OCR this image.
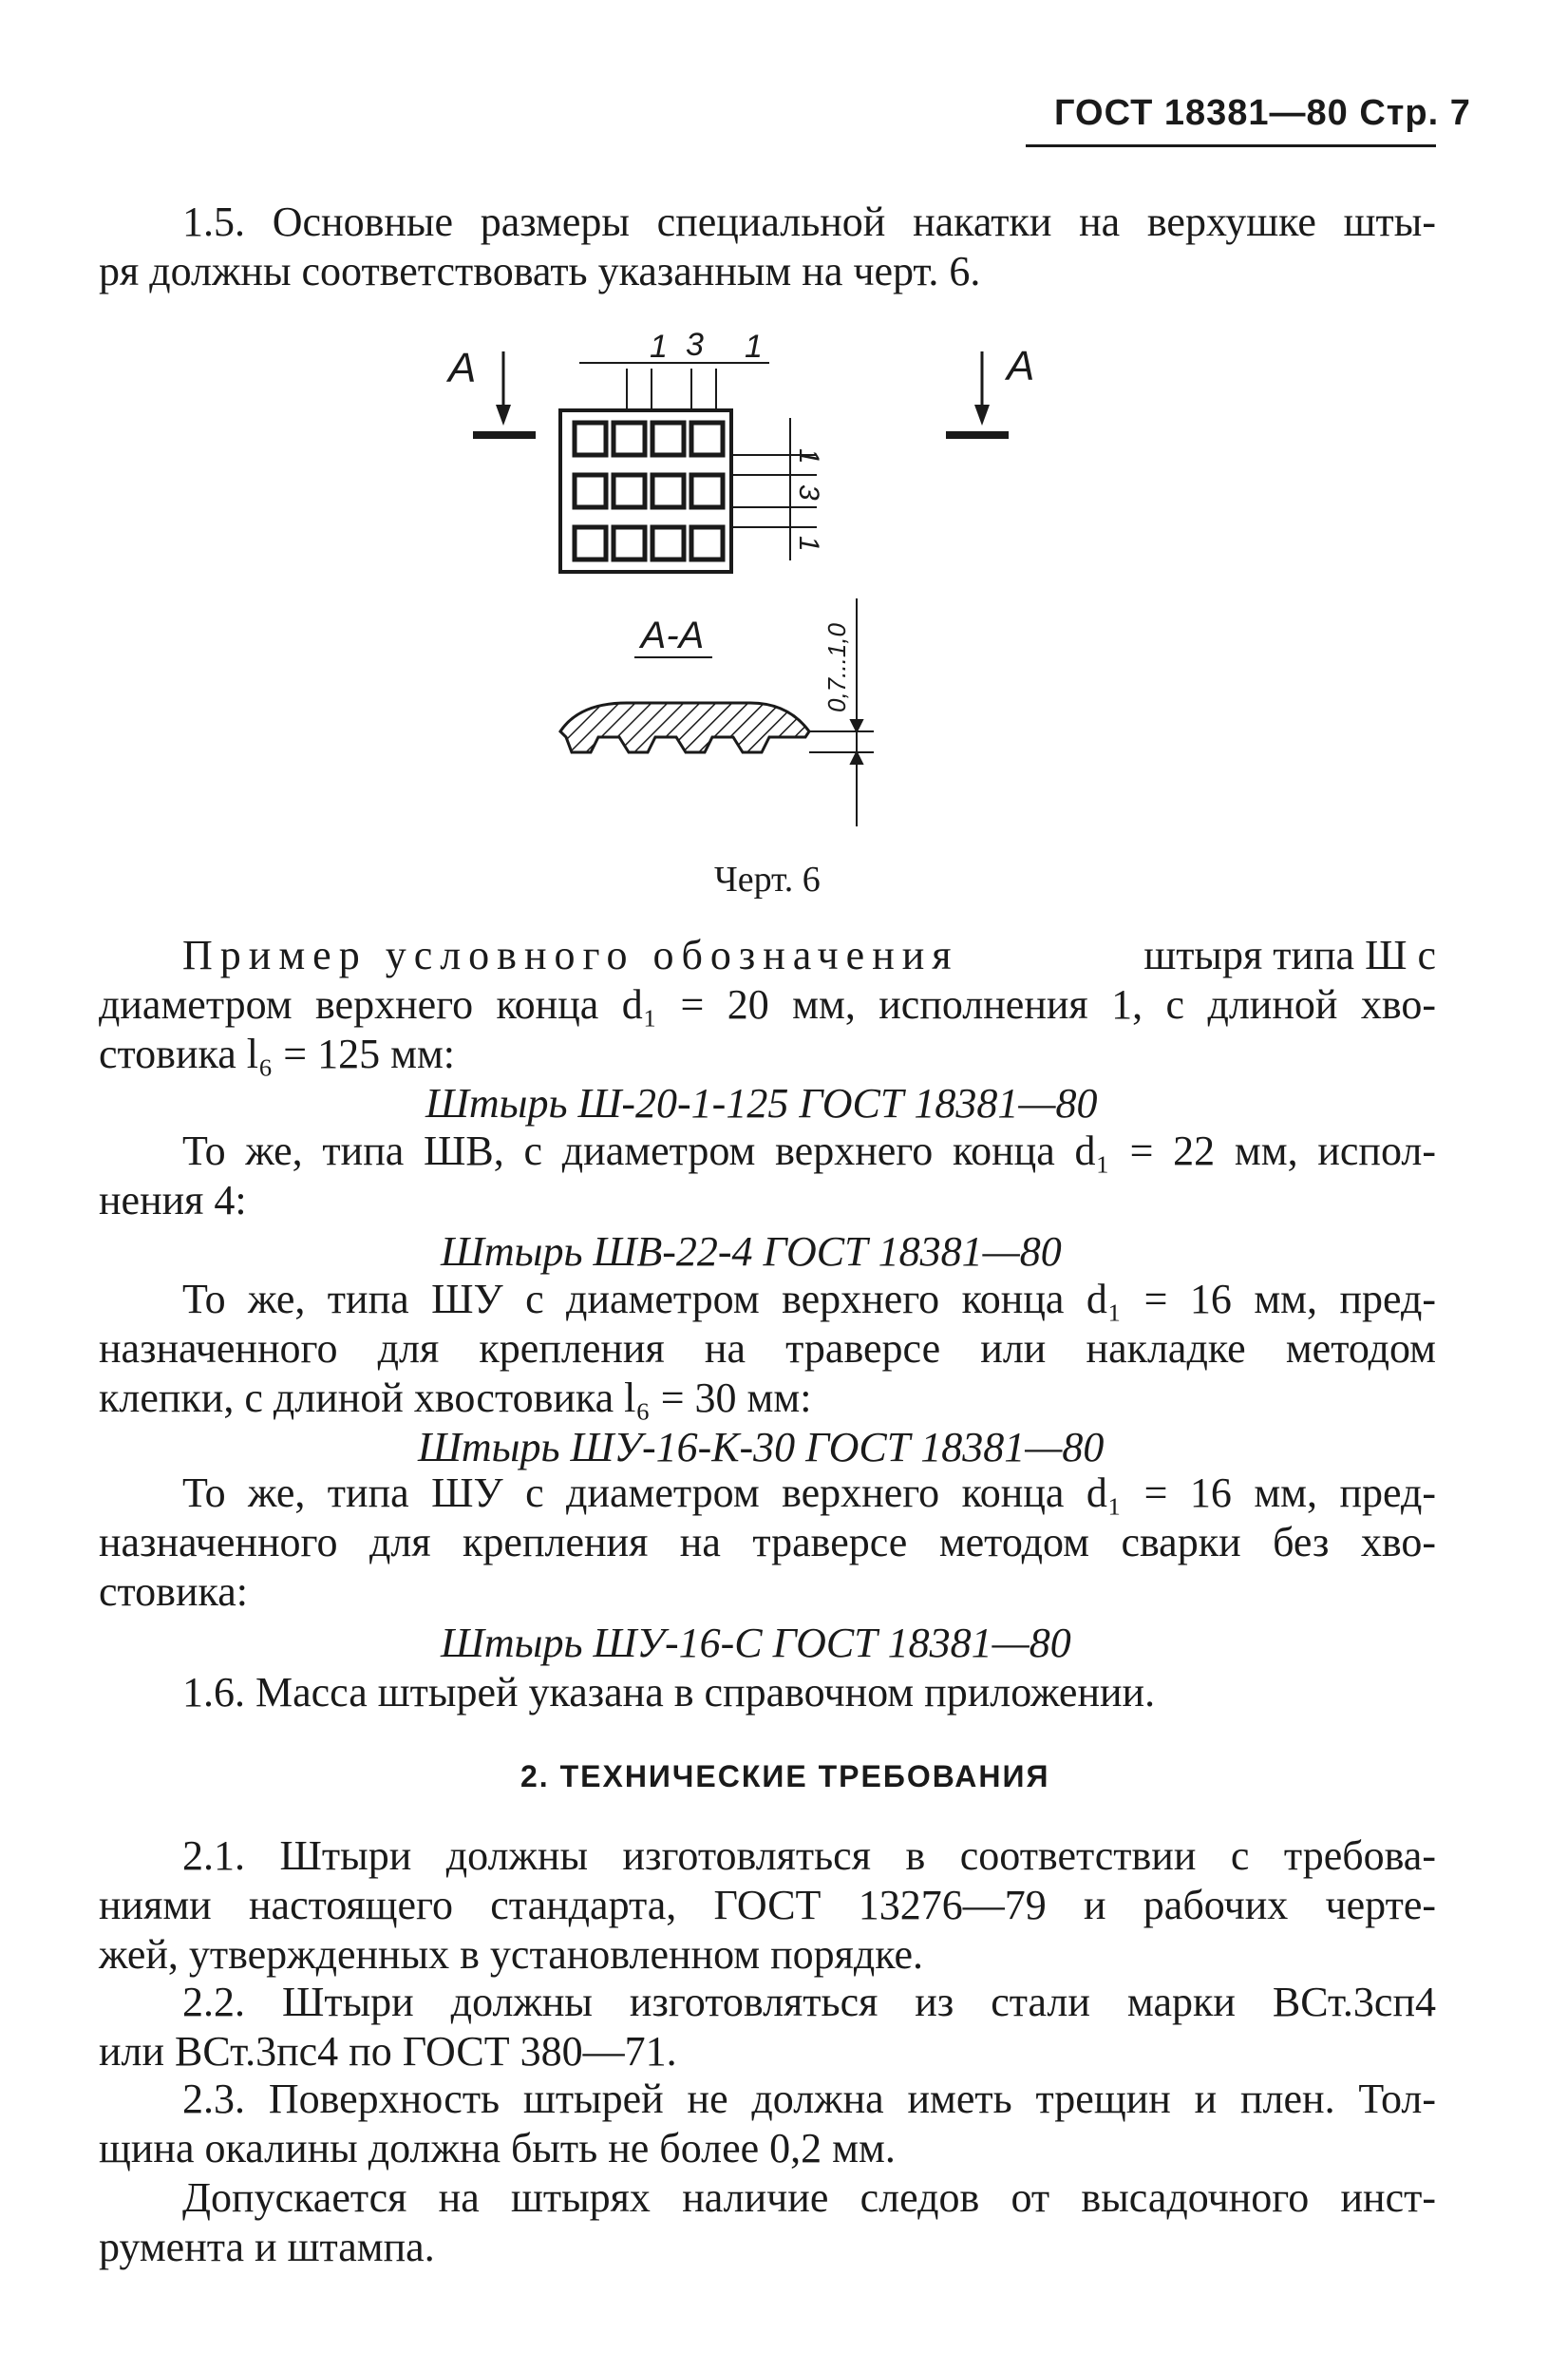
ГОСТ 18381—80 Стр. 7
1.5. Основные размеры специальной накатки на верхушке шты-
ря должны соответствовать указанным на черт. 6.
А	А
1 3 1
1
3
1
А-А	0,7...1,0
Черт. 6
Пример условного обозначения	штыря типа Ш с
диаметром верхнего конца d₁ = 20 мм, исполнения 1, с длиной хво-
стовика l₆ = 125 мм:
Штырь Ш-20-1-125 ГОСТ 18381—80
То же, типа ШВ, с диаметром верхнего конца d₁ = 22 мм, испол-
нения 4:
Штырь ШВ-22-4 ГОСТ 18381—80
То же, типа ШУ с диаметром верхнего конца d₁ = 16 мм, пред-
назначенного для крепления на траверсе или накладке методом
клепки, с длиной хвостовика l₆ = 30 мм:
Штырь ШУ-16-К-30 ГОСТ 18381—80
То же, типа ШУ с диаметром верхнего конца d₁ = 16 мм, пред-
назначенного для крепления на траверсе методом сварки без хво-
стовика:
Штырь ШУ-16-С ГОСТ 18381—80
1.6. Масса штырей указана в справочном приложении.
2. ТЕХНИЧЕСКИЕ ТРЕБОВАНИЯ
2.1. Штыри должны изготовляться в соответствии с требова-
ниями настоящего стандарта, ГОСТ 13276—79 и рабочих черте-
жей, утвержденных в установленном порядке.
2.2. Штыри должны изготовляться из стали марки ВСт.3сп4
или ВСт.3пс4 по ГОСТ 380—71.
2.3. Поверхность штырей не должна иметь трещин и плен. Тол-
щина окалины должна быть не более 0,2 мм.
Допускается на штырях наличие следов от высадочного инст-
румента и штампа.
